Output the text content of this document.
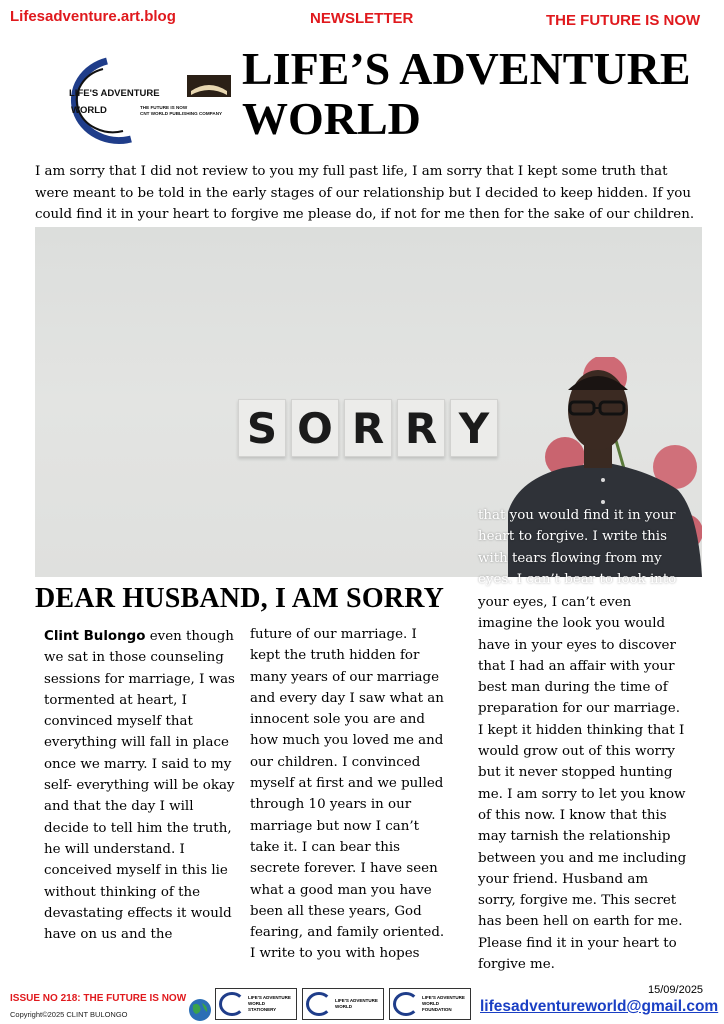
Lifesadventure.art.blog	NEWSLETTER	THE FUTURE IS NOW
LIFE'S ADVENTURE
WORLD	THE FUTURE IS NOW
CNT WORLD PUBLISHING COMPANY
LIFE’S ADVENTURE
WORLD
I am sorry that I did not review to you my full past life, I am sorry that I kept some truth that were meant to be told in the early stages of our relationship but I decided to keep hidden. If you could find it in your heart to forgive me please do, if not for me then for the sake of our children.
S O R R Y
DEAR HUSBAND, I AM SORRY
Clint Bulongo even though we sat in those counseling sessions for marriage, I was tormented at heart, I convinced myself that everything will fall in place once we marry. I said to my self- everything will be okay and that the day I will decide to tell him the truth, he will understand. I conceived myself in this lie without thinking of the devastating effects it would have on us and the
future of our marriage. I kept the truth hidden for many years of our marriage and every day I saw what an innocent sole you are and how much you loved me and our children. I convinced myself at first and we pulled through 10 years in our marriage but now I can’t take it. I can bear this secrete forever. I have seen what a good man you have been all these years, God fearing, and family oriented. I write to you with hopes
that you would find it in your heart to forgive. I write this with tears flowing from my eyes. I can’t bear to look into
your eyes, I can’t even imagine the look you would have in your eyes to discover that I had an affair with your best man during the time of preparation for our marriage. I kept it hidden thinking that I would grow out of this worry but it never stopped hunting me. I am sorry to let you know of this now. I know that this may tarnish the relationship between you and me including your friend. Husband am sorry, forgive me. This secret has been hell on earth for me. Please find it in your heart to forgive me.
ISSUE NO 218: THE FUTURE IS NOW
Copyright©2025 CLINT BULONGO
LIFE'S ADVENTURE WORLD
STATIONERY
LIFE'S ADVENTURE
WORLD
LIFE'S ADVENTURE WORLD
FOUNDATION
15/09/2025
lifesadventureworld@gmail.com
